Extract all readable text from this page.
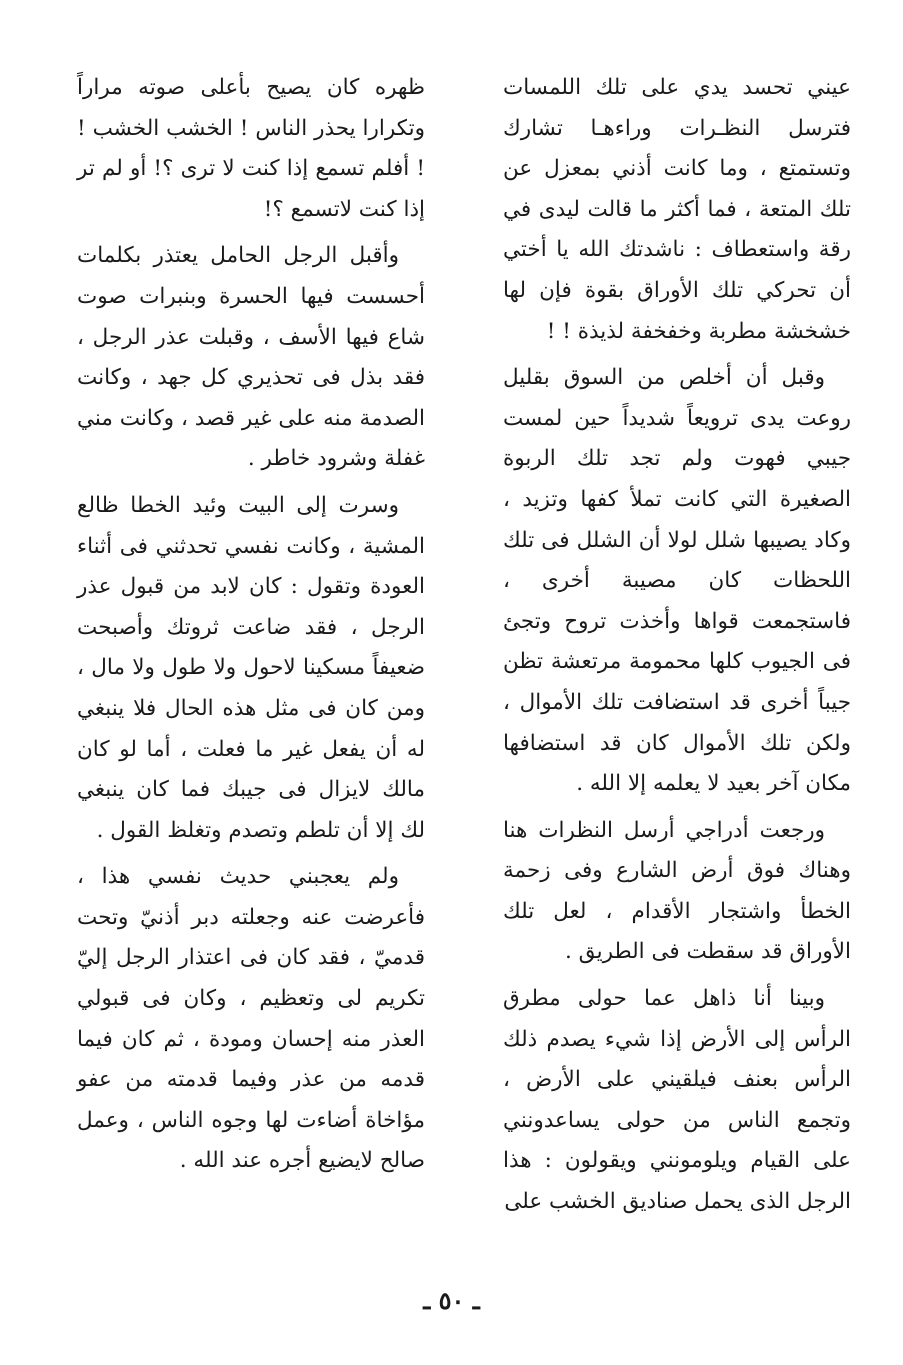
عيني تحسد يدي على تلك اللمسات فترسل النظـرات وراءهـا تشارك وتستمتع ، وما كانت أذني بمعزل عن تلك المتعة ، فما أكثر ما قالت ليدى في رقة واستعطاف : ناشدتك الله يا أختي أن تحركي تلك الأوراق بقوة فإن لها خشخشة مطربة وخفخفة لذيذة ! !

وقبل أن أخلص من السوق بقليل روعت يدى ترويعاً شديداً حين لمست جيبي فهوت ولم تجد تلك الربوة الصغيرة التي كانت تملأ كفها وتزيد ، وكاد يصيبها شلل لولا أن الشلل فى تلك اللحظات كان مصيبة أخرى ، فاستجمعت قواها وأخذت تروح وتجئ فى الجيوب كلها محمومة مرتعشة تظن جيباً أخرى قد استضافت تلك الأموال ، ولكن تلك الأموال كان قد استضافها مكان آخر بعيد لا يعلمه إلا الله .

ورجعت أدراجي أرسل النظرات هنا وهناك فوق أرض الشارع وفى زحمة الخطأ واشتجار الأقدام ، لعل تلك الأوراق قد سقطت فى الطريق .

وبينا أنا ذاهل عما حولى مطرق الرأس إلى الأرض إذا شيء يصدم ذلك الرأس بعنف فيلقيني على الأرض ، وتجمع الناس من حولى يساعدونني على القيام ويلومونني ويقولون : هذا الرجل الذى يحمل صناديق الخشب على

ظهره كان يصيح بأعلى صوته مراراً وتكرارا يحذر الناس ! الخشب الخشب ! ! أفلم تسمع إذا كنت لا ترى ؟! أو لم تر إذا كنت لاتسمع ؟!

وأقبل الرجل الحامل يعتذر بكلمات أحسست فيها الحسرة وبنبرات صوت شاع فيها الأسف ، وقبلت عذر الرجل ، فقد بذل فى تحذيري كل جهد ، وكانت الصدمة منه على غير قصد ، وكانت مني غفلة وشرود خاطر .

وسرت إلى البيت وئيد الخطا ظالع المشية ، وكانت نفسي تحدثني فى أثناء العودة وتقول : كان لابد من قبول عذر الرجل ، فقد ضاعت ثروتك وأصبحت ضعيفاً مسكينا لاحول ولا طول ولا مال ، ومن كان فى مثل هذه الحال فلا ينبغي له أن يفعل غير ما فعلت ، أما لو كان مالك لايزال فى جيبك فما كان ينبغي لك إلا أن تلطم وتصدم وتغلظ القول .

ولم يعجبني حديث نفسي هذا ، فأعرضت عنه وجعلته دبر أذنيّ وتحت قدميّ ، فقد كان فى اعتذار الرجل إليّ تكريم لى وتعظيم ، وكان فى قبولي العذر منه إحسان ومودة ، ثم كان فيما قدمه من عذر وفيما قدمته من عفو مؤاخاة أضاءت لها وجوه الناس ، وعمل صالح لايضيع أجره عند الله .

ـ ٥٠ ـ
